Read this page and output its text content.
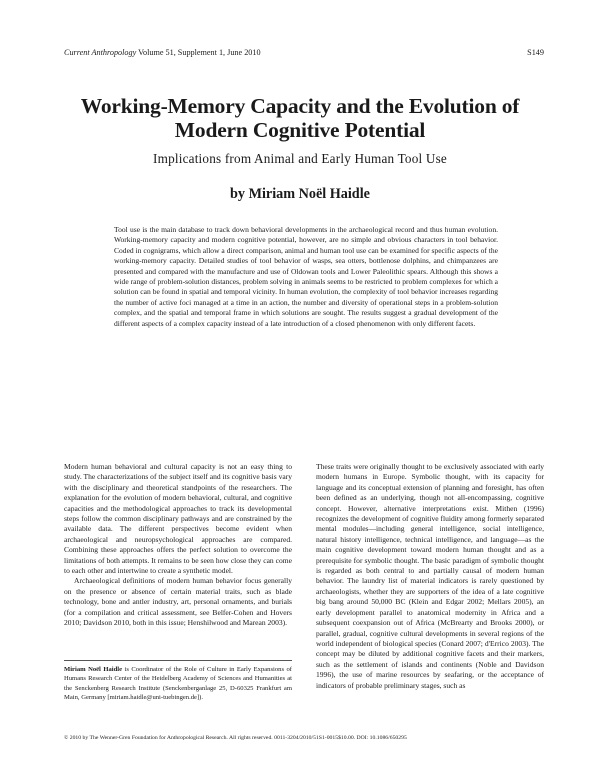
Current Anthropology Volume 51, Supplement 1, June 2010	S149
Working-Memory Capacity and the Evolution of Modern Cognitive Potential
Implications from Animal and Early Human Tool Use
by Miriam Noël Haidle

Tool use is the main database to track down behavioral developments in the archaeological record and thus human evolution. Working-memory capacity and modern cognitive potential, however, are no simple and obvious characters in tool behavior. Coded in cognigrams, which allow a direct comparison, animal and human tool use can be examined for specific aspects of the working-memory capacity. Detailed studies of tool behavior of wasps, sea otters, bottlenose dolphins, and chimpanzees are presented and compared with the manufacture and use of Oldowan tools and Lower Paleolithic spears. Although this shows a wide range of problem-solution distances, problem solving in animals seems to be restricted to problem complexes for which a solution can be found in spatial and temporal vicinity. In human evolution, the complexity of tool behavior increases regarding the number of active foci managed at a time in an action, the number and diversity of operational steps in a problem-solution complex, and the spatial and temporal frame in which solutions are sought. The results suggest a gradual development of the different aspects of a complex capacity instead of a late introduction of a closed phenomenon with only different facets.

Modern human behavioral and cultural capacity is not an easy thing to study. The characterizations of the subject itself and its cognitive basis vary with the disciplinary and theoretical standpoints of the researchers. The explanation for the evolution of modern behavioral, cultural, and cognitive capacities and the methodological approaches to track its developmental steps follow the common disciplinary pathways and are constrained by the available data. The different perspectives become evident when archaeological and neuropsychological approaches are compared. Combining these approaches offers the perfect solution to overcome the limitations of both attempts. It remains to be seen how close they can come to each other and intertwine to create a synthetic model.

Archaeological definitions of modern human behavior focus generally on the presence or absence of certain material traits, such as blade technology, bone and antler industry, art, personal ornaments, and burials (for a compilation and critical assessment, see Belfer-Cohen and Hovers 2010; Davidson 2010, both in this issue; Henshilwood and Marean 2003).

These traits were originally thought to be exclusively associated with early modern humans in Europe. Symbolic thought, with its capacity for language and its conceptual extension of planning and foresight, has often been defined as an underlying, though not all-encompassing, cognitive concept. However, alternative interpretations exist. Mithen (1996) recognizes the development of cognitive fluidity among formerly separated mental modules—including general intelligence, social intelligence, natural history intelligence, technical intelligence, and language—as the main cognitive development toward modern human thought and as a prerequisite for symbolic thought. The basic paradigm of symbolic thought is regarded as both central to and partially causal of modern human behavior. The laundry list of material indicators is rarely questioned by archaeologists, whether they are supporters of the idea of a late cognitive big bang around 50,000 BC (Klein and Edgar 2002; Mellars 2005), an early development parallel to anatomical modernity in Africa and a subsequent coexpansion out of Africa (McBrearty and Brooks 2000), or parallel, gradual, cognitive cultural developments in several regions of the world independent of biological species (Conard 2007; d'Errico 2003). The concept may be diluted by additional cognitive facets and their markers, such as the settlement of islands and continents (Noble and Davidson 1996), the use of marine resources by seafaring, or the acceptance of indicators of probable preliminary stages, such as

Miriam Noël Haidle is Coordinator of the Role of Culture in Early Expansions of Humans Research Center of the Heidelberg Academy of Sciences and Humanities at the Senckenberg Research Institute (Senckenberganlage 25, D-60325 Frankfurt am Main, Germany [miriam.haidle@uni-tuebingen.de]).

© 2010 by The Wenner-Gren Foundation for Anthropological Research. All rights reserved. 0011-3204/2010/51S1-0015$10.00. DOI: 10.1086/650295
